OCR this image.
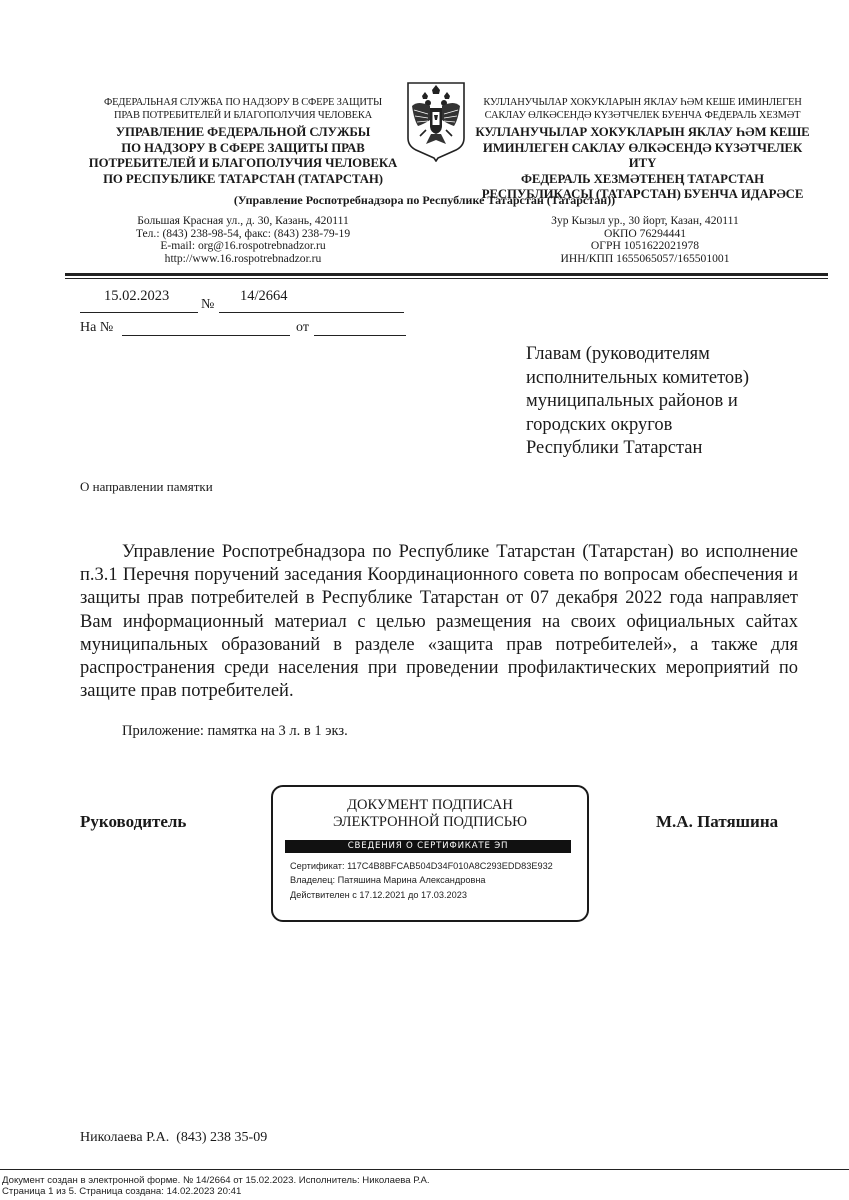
ФЕДЕРАЛЬНАЯ СЛУЖБА ПО НАДЗОРУ В СФЕРЕ ЗАЩИТЫ
ПРАВ ПОТРЕБИТЕЛЕЙ И БЛАГОПОЛУЧИЯ ЧЕЛОВЕКА
УПРАВЛЕНИЕ ФЕДЕРАЛЬНОЙ СЛУЖБЫ
ПО НАДЗОРУ В СФЕРЕ ЗАЩИТЫ ПРАВ
ПОТРЕБИТЕЛЕЙ И БЛАГОПОЛУЧИЯ ЧЕЛОВЕКА
ПО РЕСПУБЛИКЕ ТАТАРСТАН (ТАТАРСТАН)
КУЛЛАНУЧЫЛАР ХОКУКЛАРЫН ЯКЛАУ ҺӘМ КЕШЕ ИМИНЛЕГЕН
САКЛАУ ӨЛКӘСЕНДӘ КҮЗӘТЧЕЛЕК БУЕНЧА ФЕДЕРАЛЬ ХЕЗМӘТ
КУЛЛАНУЧЫЛАР ХОКУКЛАРЫН ЯКЛАУ ҺӘМ КЕШЕ
ИМИНЛЕГЕН САКЛАУ ӨЛКӘСЕНДӘ КҮЗӘТЧЕЛЕК ИТҮ
ФЕДЕРАЛЬ ХЕЗМӘТЕНЕҢ ТАТАРСТАН
РЕСПУБЛИКАСЫ (ТАТАРСТАН) БУЕНЧА ИДАРӘСЕ
(Управление Роспотребнадзора по Республике Татарстан (Татарстан))
Большая Красная ул., д. 30, Казань, 420111
Тел.: (843) 238-98-54, факс: (843) 238-79-19
E-mail: org@16.rospotrebnadzor.ru
http://www.16.rospotrebnadzor.ru
Зур Кызыл ур., 30 йорт, Казан, 420111
ОКПО 76294441
ОГРН 1051622021978
ИНН/КПП 1655065057/165501001
15.02.2023
№
14/2664
На №	от
Главам (руководителям
исполнительных комитетов)
муниципальных районов и
городских округов
Республики Татарстан
О направлении памятки
Управление Роспотребнадзора по Республике Татарстан (Татарстан) во исполнение п.3.1 Перечня поручений заседания Координационного совета по вопросам обеспечения и защиты прав потребителей в Республике Татарстан от 07 декабря 2022 года направляет Вам информационный материал с целью размещения на своих официальных сайтах муниципальных образований в разделе «защита прав потребителей», а также для распространения среди населения при проведении профилактических мероприятий по защите прав потребителей.
Приложение: памятка на 3 л. в 1 экз.
Руководитель
ДОКУМЕНТ ПОДПИСАН
ЭЛЕКТРОННОЙ ПОДПИСЬЮ
СВЕДЕНИЯ О СЕРТИФИКАТЕ ЭП
Сертификат: 117C4B8BFCAB504D34F010A8C293EDD83E932
Владелец: Патяшина Марина Александровна
Действителен с 17.12.2021 до 17.03.2023
М.А. Патяшина
Николаева Р.А.  (843) 238 35-09
Документ создан в электронной форме. № 14/2664 от 15.02.2023. Исполнитель: Николаева Р.А.
Страница 1 из 5. Страница создана: 14.02.2023 20:41
